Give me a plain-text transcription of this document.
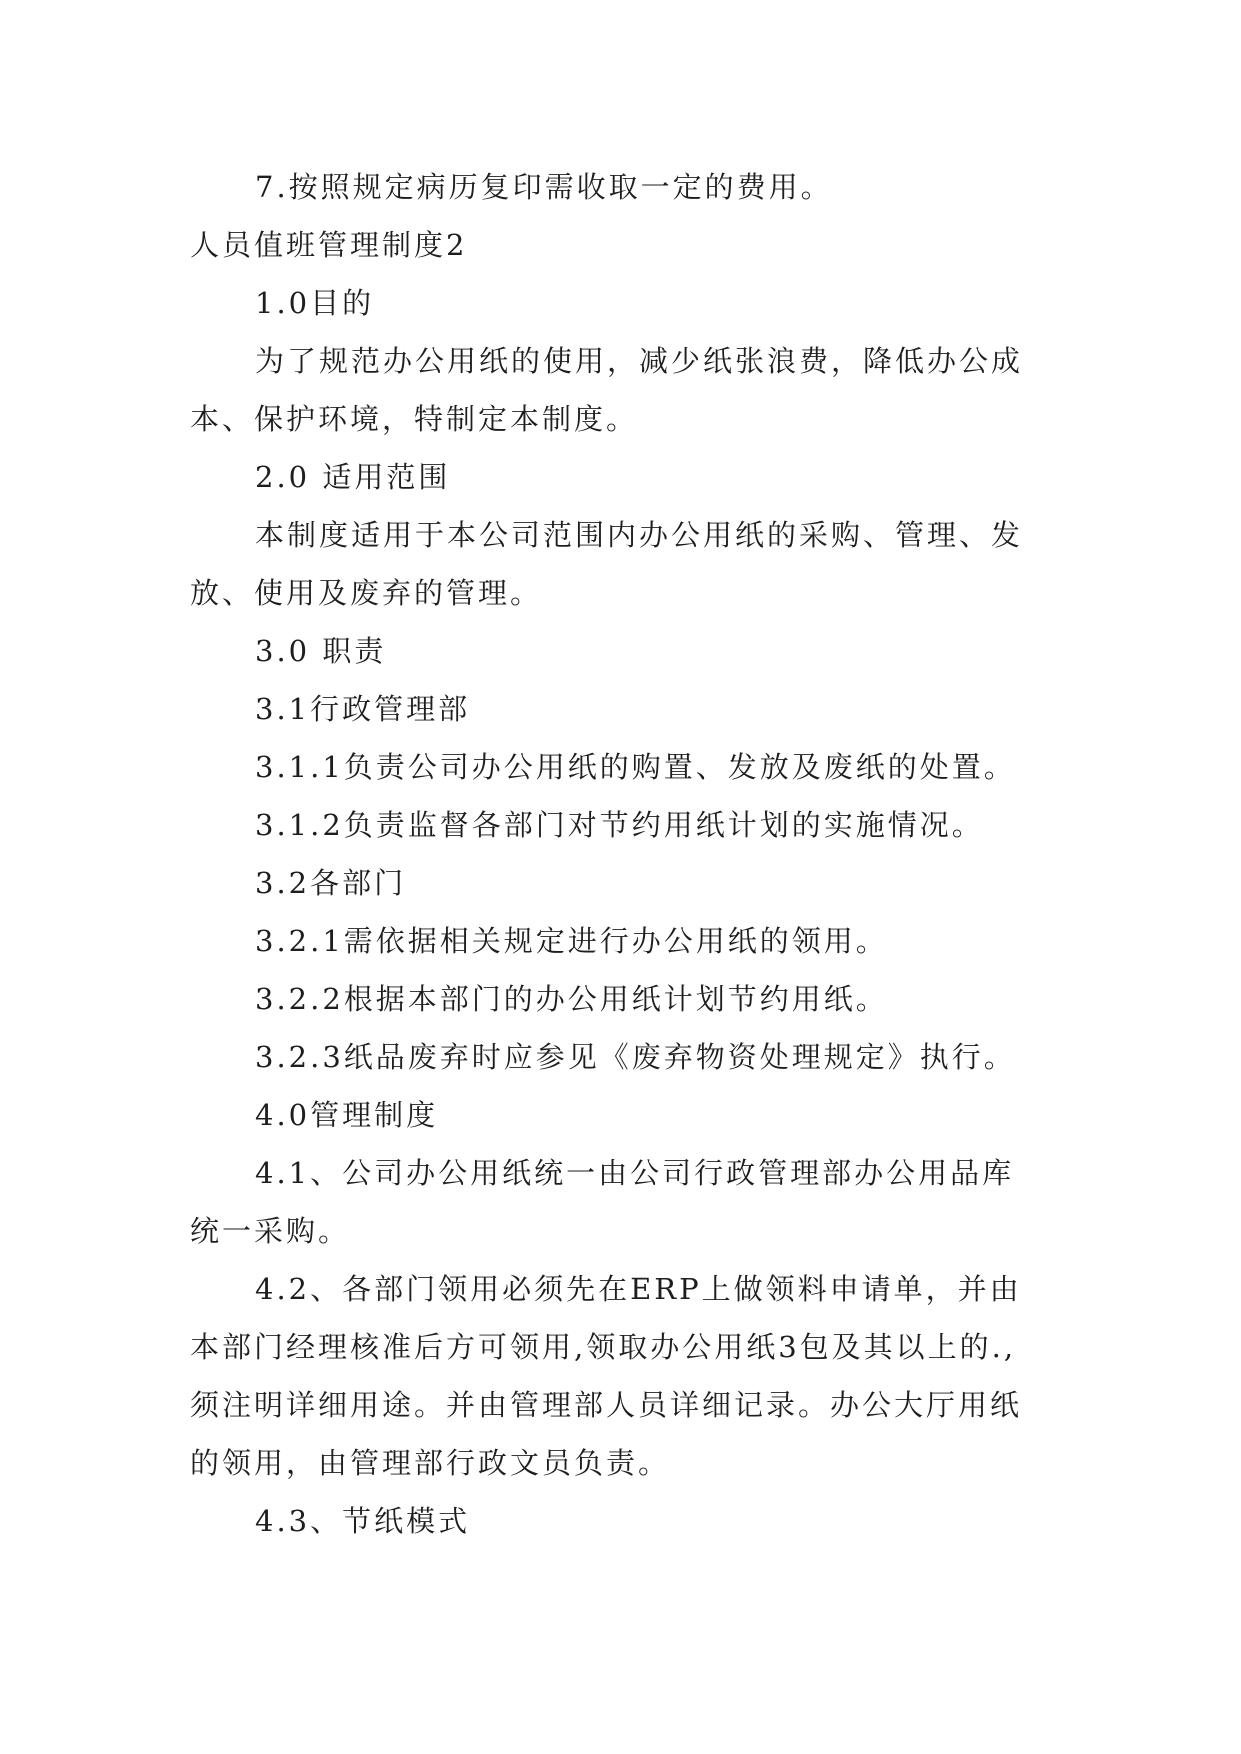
7.按照规定病历复印需收取一定的费用。
人员值班管理制度2
1.0目的
为了规范办公用纸的使用，减少纸张浪费，降低办公成
本、保护环境，特制定本制度。
2.0 适用范围
本制度适用于本公司范围内办公用纸的采购、管理、发
放、使用及废弃的管理。
3.0 职责
3.1行政管理部
3.1.1负责公司办公用纸的购置、发放及废纸的处置。
3.1.2负责监督各部门对节约用纸计划的实施情况。
3.2各部门
3.2.1需依据相关规定进行办公用纸的领用。
3.2.2根据本部门的办公用纸计划节约用纸。
3.2.3纸品废弃时应参见《废弃物资处理规定》执行。
4.0管理制度
4.1、公司办公用纸统一由公司行政管理部办公用品库
统一采购。
4.2、各部门领用必须先在ERP上做领料申请单，并由
本部门经理核准后方可领用,领取办公用纸3包及其以上的.,
须注明详细用途。并由管理部人员详细记录。办公大厅用纸
的领用，由管理部行政文员负责。
4.3、节纸模式
